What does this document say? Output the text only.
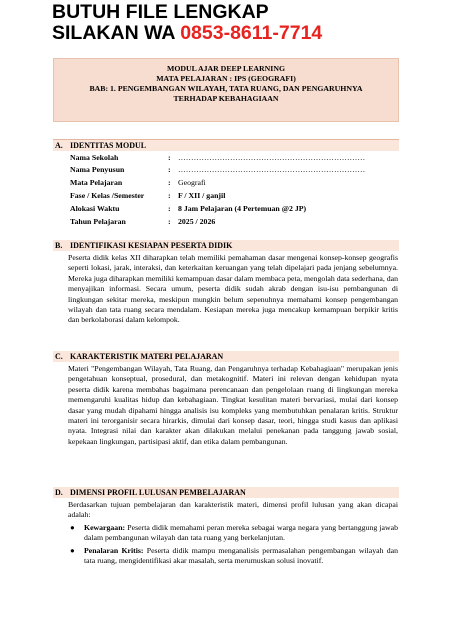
BUTUH FILE LENGKAP
SILAKAN WA 0853-8611-7714
MODUL AJAR DEEP LEARNING
MATA PELAJARAN : IPS (GEOGRAFI)
BAB: 1. PENGEMBANGAN WILAYAH, TATA RUANG, DAN PENGARUHNYA
TERHADAP KEBAHAGIAAN
A. IDENTITAS MODUL
Nama Sekolah	: ………………………………………………………………
Nama Penyusun	: ………………………………………………………………
Mata Pelajaran	: Geografi
Fase / Kelas /Semester	: F / XII / ganjil
Alokasi Waktu	: 8 Jam Pelajaran (4 Pertemuan @2 JP)
Tahun Pelajaran	: 2025 / 2026
B. IDENTIFIKASI KESIAPAN PESERTA DIDIK
Peserta didik kelas XII diharapkan telah memiliki pemahaman dasar mengenai konsep-konsep geografis seperti lokasi, jarak, interaksi, dan keterkaitan keruangan yang telah dipelajari pada jenjang sebelumnya. Mereka juga diharapkan memiliki kemampuan dasar dalam membaca peta, mengolah data sederhana, dan menyajikan informasi. Secara umum, peserta didik sudah akrab dengan isu-isu pembangunan di lingkungan sekitar mereka, meskipun mungkin belum sepenuhnya memahami konsep pengembangan wilayah dan tata ruang secara mendalam. Kesiapan mereka juga mencakup kemampuan berpikir kritis dan berkolaborasi dalam kelompok.
C. KARAKTERISTIK MATERI PELAJARAN
Materi "Pengembangan Wilayah, Tata Ruang, dan Pengaruhnya terhadap Kebahagiaan" merupakan jenis pengetahuan konseptual, prosedural, dan metakognitif. Materi ini relevan dengan kehidupan nyata peserta didik karena membahas bagaimana perencanaan dan pengelolaan ruang di lingkungan mereka memengaruhi kualitas hidup dan kebahagiaan. Tingkat kesulitan materi bervariasi, mulai dari konsep dasar yang mudah dipahami hingga analisis isu kompleks yang membutuhkan penalaran kritis. Struktur materi ini terorganisir secara hirarkis, dimulai dari konsep dasar, teori, hingga studi kasus dan aplikasi nyata. Integrasi nilai dan karakter akan dilakukan melalui penekanan pada tanggung jawab sosial, kepekaan lingkungan, partisipasi aktif, dan etika dalam pembangunan.
D. DIMENSI PROFIL LULUSAN PEMBELAJARAN
Berdasarkan tujuan pembelajaran dan karakteristik materi, dimensi profil lulusan yang akan dicapai adalah:
● Kewargaan: Peserta didik memahami peran mereka sebagai warga negara yang bertanggung jawab dalam pembangunan wilayah dan tata ruang yang berkelanjutan.
● Penalaran Kritis: Peserta didik mampu menganalisis permasalahan pengembangan wilayah dan tata ruang, mengidentifikasi akar masalah, serta merumuskan solusi inovatif.
